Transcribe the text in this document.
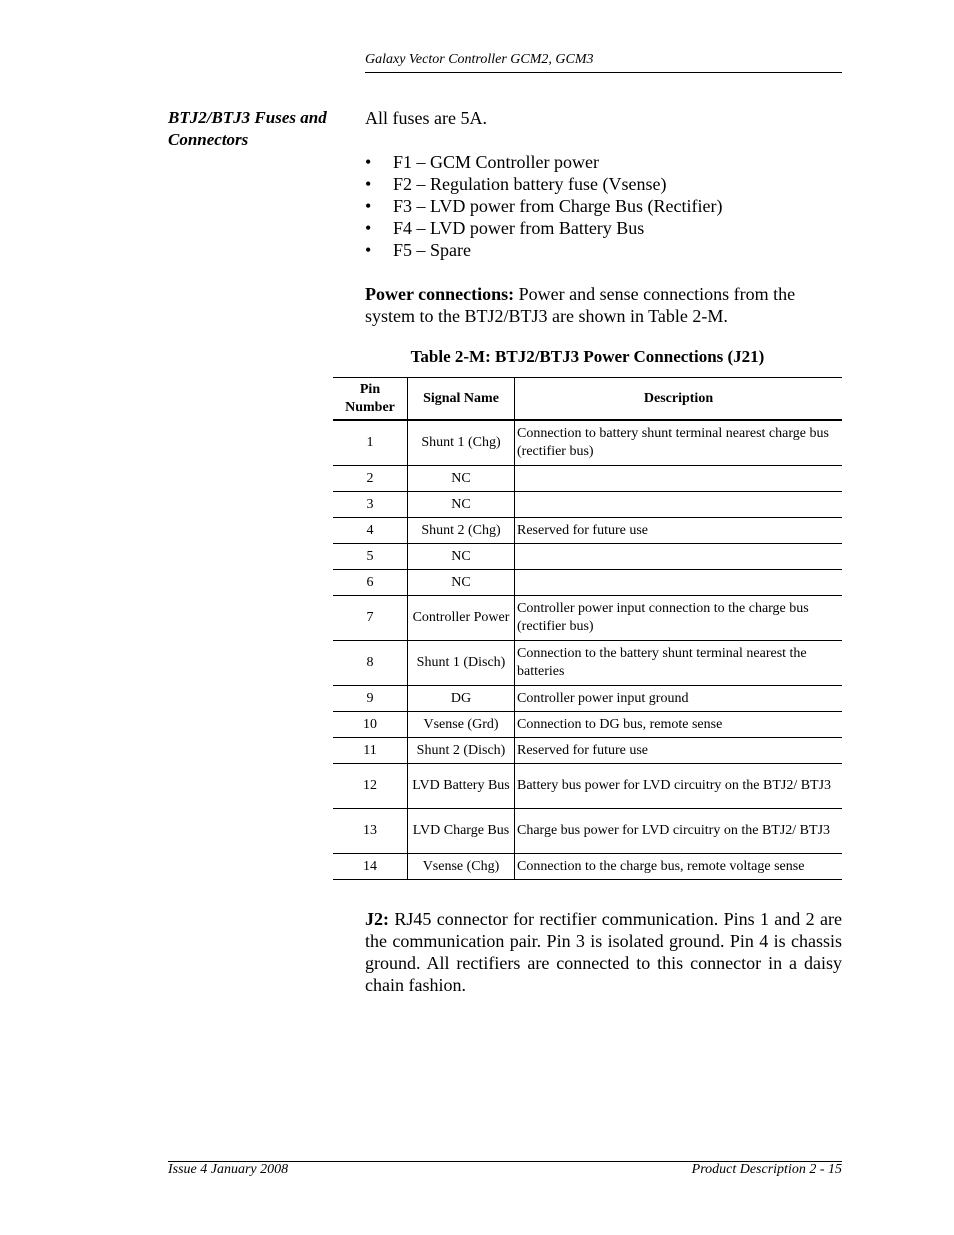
Galaxy Vector Controller GCM2, GCM3
BTJ2/BTJ3 Fuses and Connectors

All fuses are 5A.

• F1 – GCM Controller power
• F2 – Regulation battery fuse (Vsense)
• F3 – LVD power from Charge Bus (Rectifier)
• F4 – LVD power from Battery Bus
• F5 – Spare

Power connections: Power and sense connections from the system to the BTJ2/BTJ3 are shown in Table 2-M.

Table 2-M: BTJ2/BTJ3 Power Connections (J21)
Pin Number	Signal Name	Description
1	Shunt 1 (Chg)	Connection to battery shunt terminal nearest charge bus (rectifier bus)
2	NC	
3	NC	
4	Shunt 2 (Chg)	Reserved for future use
5	NC	
6	NC	
7	Controller Power	Controller power input connection to the charge bus (rectifier bus)
8	Shunt 1 (Disch)	Connection to the battery shunt terminal nearest the batteries
9	DG	Controller power input ground
10	Vsense (Grd)	Connection to DG bus, remote sense
11	Shunt 2 (Disch)	Reserved for future use
12	LVD Battery Bus	Battery bus power for LVD circuitry on the BTJ2/ BTJ3
13	LVD Charge Bus	Charge bus power for LVD circuitry on the BTJ2/ BTJ3
14	Vsense (Chg)	Connection to the charge bus, remote voltage sense

J2: RJ45 connector for rectifier communication. Pins 1 and 2 are the communication pair. Pin 3 is isolated ground. Pin 4 is chassis ground. All rectifiers are connected to this connector in a daisy chain fashion.

Issue 4 January 2008	Product Description 2 - 15
